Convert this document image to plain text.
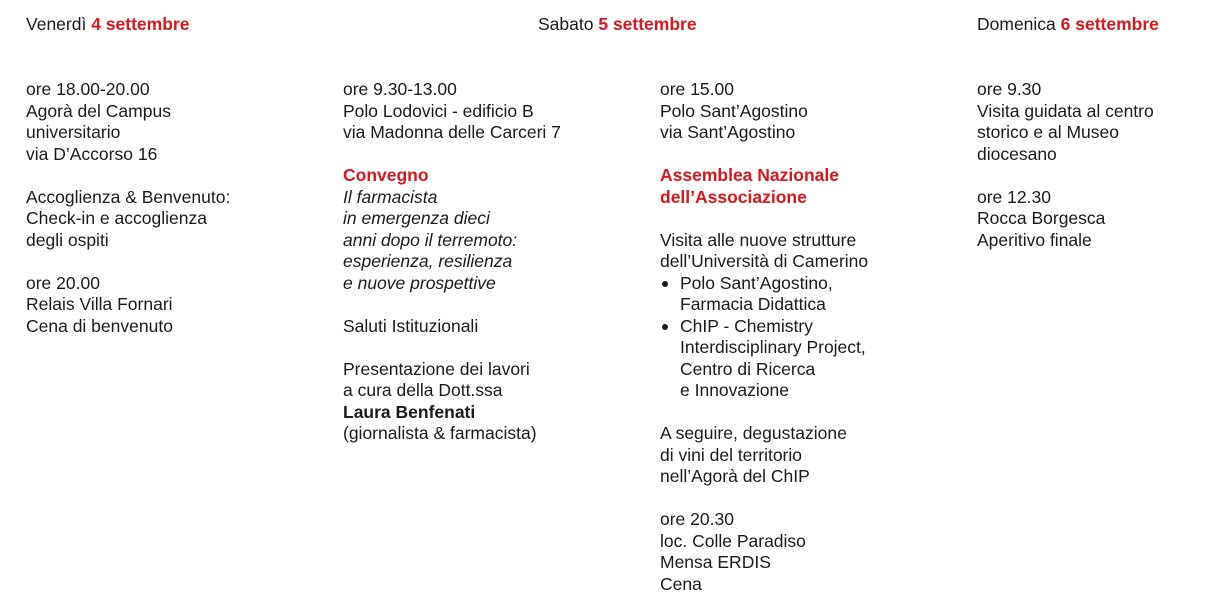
Venerdì 4 settembre	Sabato 5 settembre	Domenica 6 settembre
ore 18.00-20.00
Agorà del Campus
universitario
via D’Accorso 16
Accoglienza & Benvenuto:
Check-in e accoglienza
degli ospiti
ore 20.00
Relais Villa Fornari
Cena di benvenuto
ore 9.30-13.00
Polo Lodovici - edificio B
via Madonna delle Carceri 7
Convegno
Il farmacista
in emergenza dieci
anni dopo il terremoto:
esperienza, resilienza
e nuove prospettive
Saluti Istituzionali
Presentazione dei lavori
a cura della Dott.ssa
Laura Benfenati
(giornalista & farmacista)
ore 15.00
Polo Sant’Agostino
via Sant’Agostino
Assemblea Nazionale
dell’Associazione
Visita alle nuove strutture
dell’Università di Camerino
Polo Sant’Agostino,
Farmacia Didattica
ChIP - Chemistry
Interdisciplinary Project,
Centro di Ricerca
e Innovazione
A seguire, degustazione
di vini del territorio
nell’Agorà del ChIP
ore 20.30
loc. Colle Paradiso
Mensa ERDIS
Cena
ore 9.30
Visita guidata al centro
storico e al Museo
diocesano
ore 12.30
Rocca Borgesca
Aperitivo finale
